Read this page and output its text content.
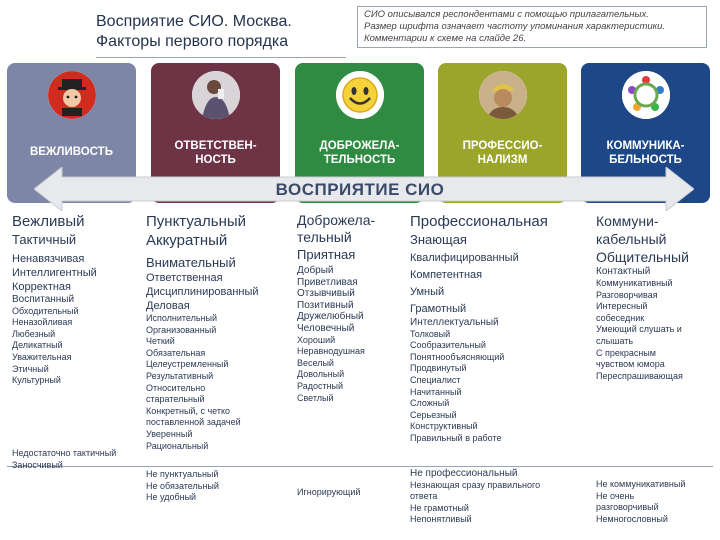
Восприятие СИО. Москва.
Факторы первого порядка
СИО описывался респондентами с помощью прилагательных.
Размер шрифта означает частоту упоминания характеристики.
Комментарии к схеме на слайде 26.
ВЕЖЛИВОСТЬ	ОТВЕТСТВЕН-
НОСТЬ
ДОБРОЖЕЛА-
ТЕЛЬНОСТЬ
ПРОФЕССИО-
НАЛИЗМ
КОММУНИКА-
БЕЛЬНОСТЬ
ВОСПРИЯТИЕ СИО
Вежливый
Тактичный
Ненавязчивая
Интеллигентный
Корректная
Воспитанный
Обходительный
Неназойливая
Любезный
Деликатный
Уважительная
Этичный
Культурный
Пунктуальный
Аккуратный
Внимательный
Ответственная
Дисциплинированный
Деловая
Исполнительный
Организованный
Четкий
Обязательная
Целеустремленный
Результативный
Относительно
старательный
Конкретный, с четко
поставленной задачей
Уверенный
Рациональный
Доброжела-
тельный
Приятная
Добрый
Приветливая
Отзывчивый
Позитивный
Дружелюбный
Человечный
Хороший
Неравнодушная
Веселый
Довольный
Радостный
Светлый
Профессиональная
Знающая
Квалифицированный
Компетентная
Умный
Грамотный
Интеллектуальный
Толковый
Сообразительный
Понятнообъясняющий
Продвинутый
Специалист
Начитанный
Сложный
Серьезный
Конструктивный
Правильный в работе
Коммуни-
кабельный
Общительный
Контактный
Коммуникативный
Разговорчивая
Интересный
собеседник
Умеющий слушать и
слышать
С прекрасным
чувством юмора
Переспрашивающая
Недостаточно тактичный
Заносчивый
Не пунктуальный
Не обязательный
Не удобный
Игнорирующий
Не профессиональный
Незнающая сразу правильного
ответа
Не грамотный
Непонятливый
Не коммуникативный
Не очень
разговорчивый
Немногословный
